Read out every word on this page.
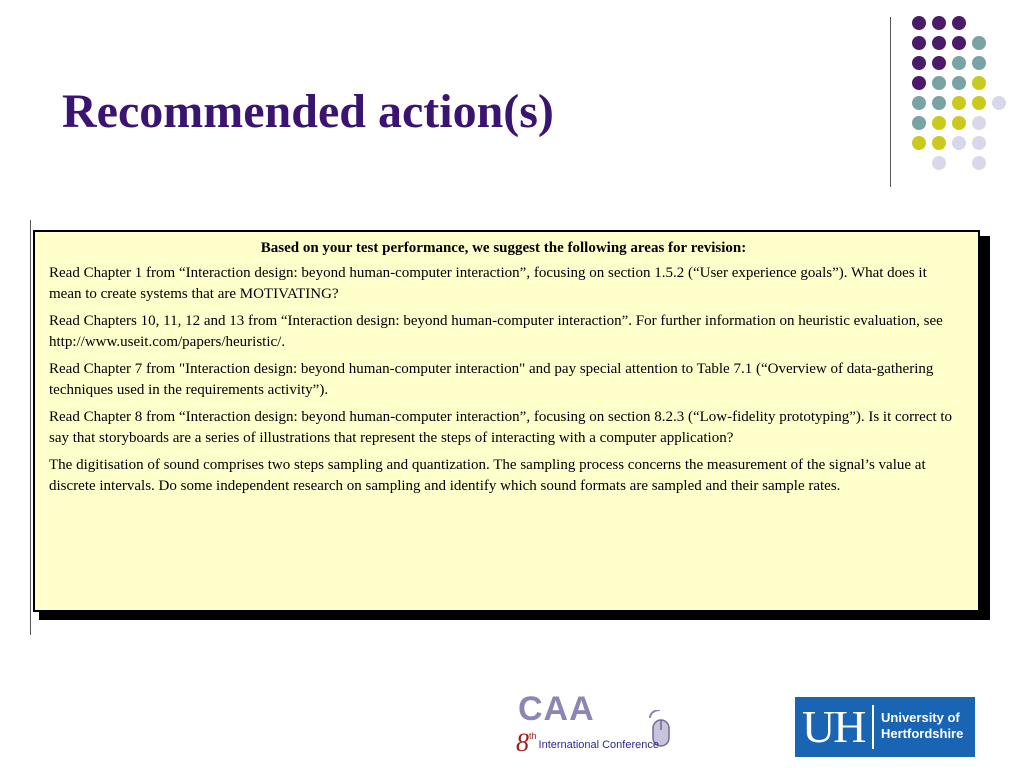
Recommended action(s)
Based on your test performance, we suggest the following areas for revision:

Read Chapter 1 from “Interaction design: beyond human-computer interaction”, focusing on section 1.5.2 (“User experience goals”). What does it mean to create systems that are MOTIVATING?

Read Chapters 10, 11, 12 and 13 from “Interaction design: beyond human-computer interaction”. For further information on heuristic evaluation, see http://www.useit.com/papers/heuristic/.

Read Chapter 7 from "Interaction design: beyond human-computer interaction" and pay special attention to Table 7.1 (“Overview of data-gathering techniques used in the requirements activity”).

Read Chapter 8 from “Interaction design: beyond human-computer interaction”, focusing on section 8.2.3 (“Low-fidelity prototyping”). Is it correct to say that storyboards are a series of illustrations that represent the steps of interacting with a computer application?

The digitisation of sound comprises two steps sampling and quantization. The sampling process concerns the measurement of the signal’s value at discrete intervals. Do some independent research on sampling and identify which sound formats are sampled and their sample rates.

CAA
8thInternational Conference	UH University of
Hertfordshire
